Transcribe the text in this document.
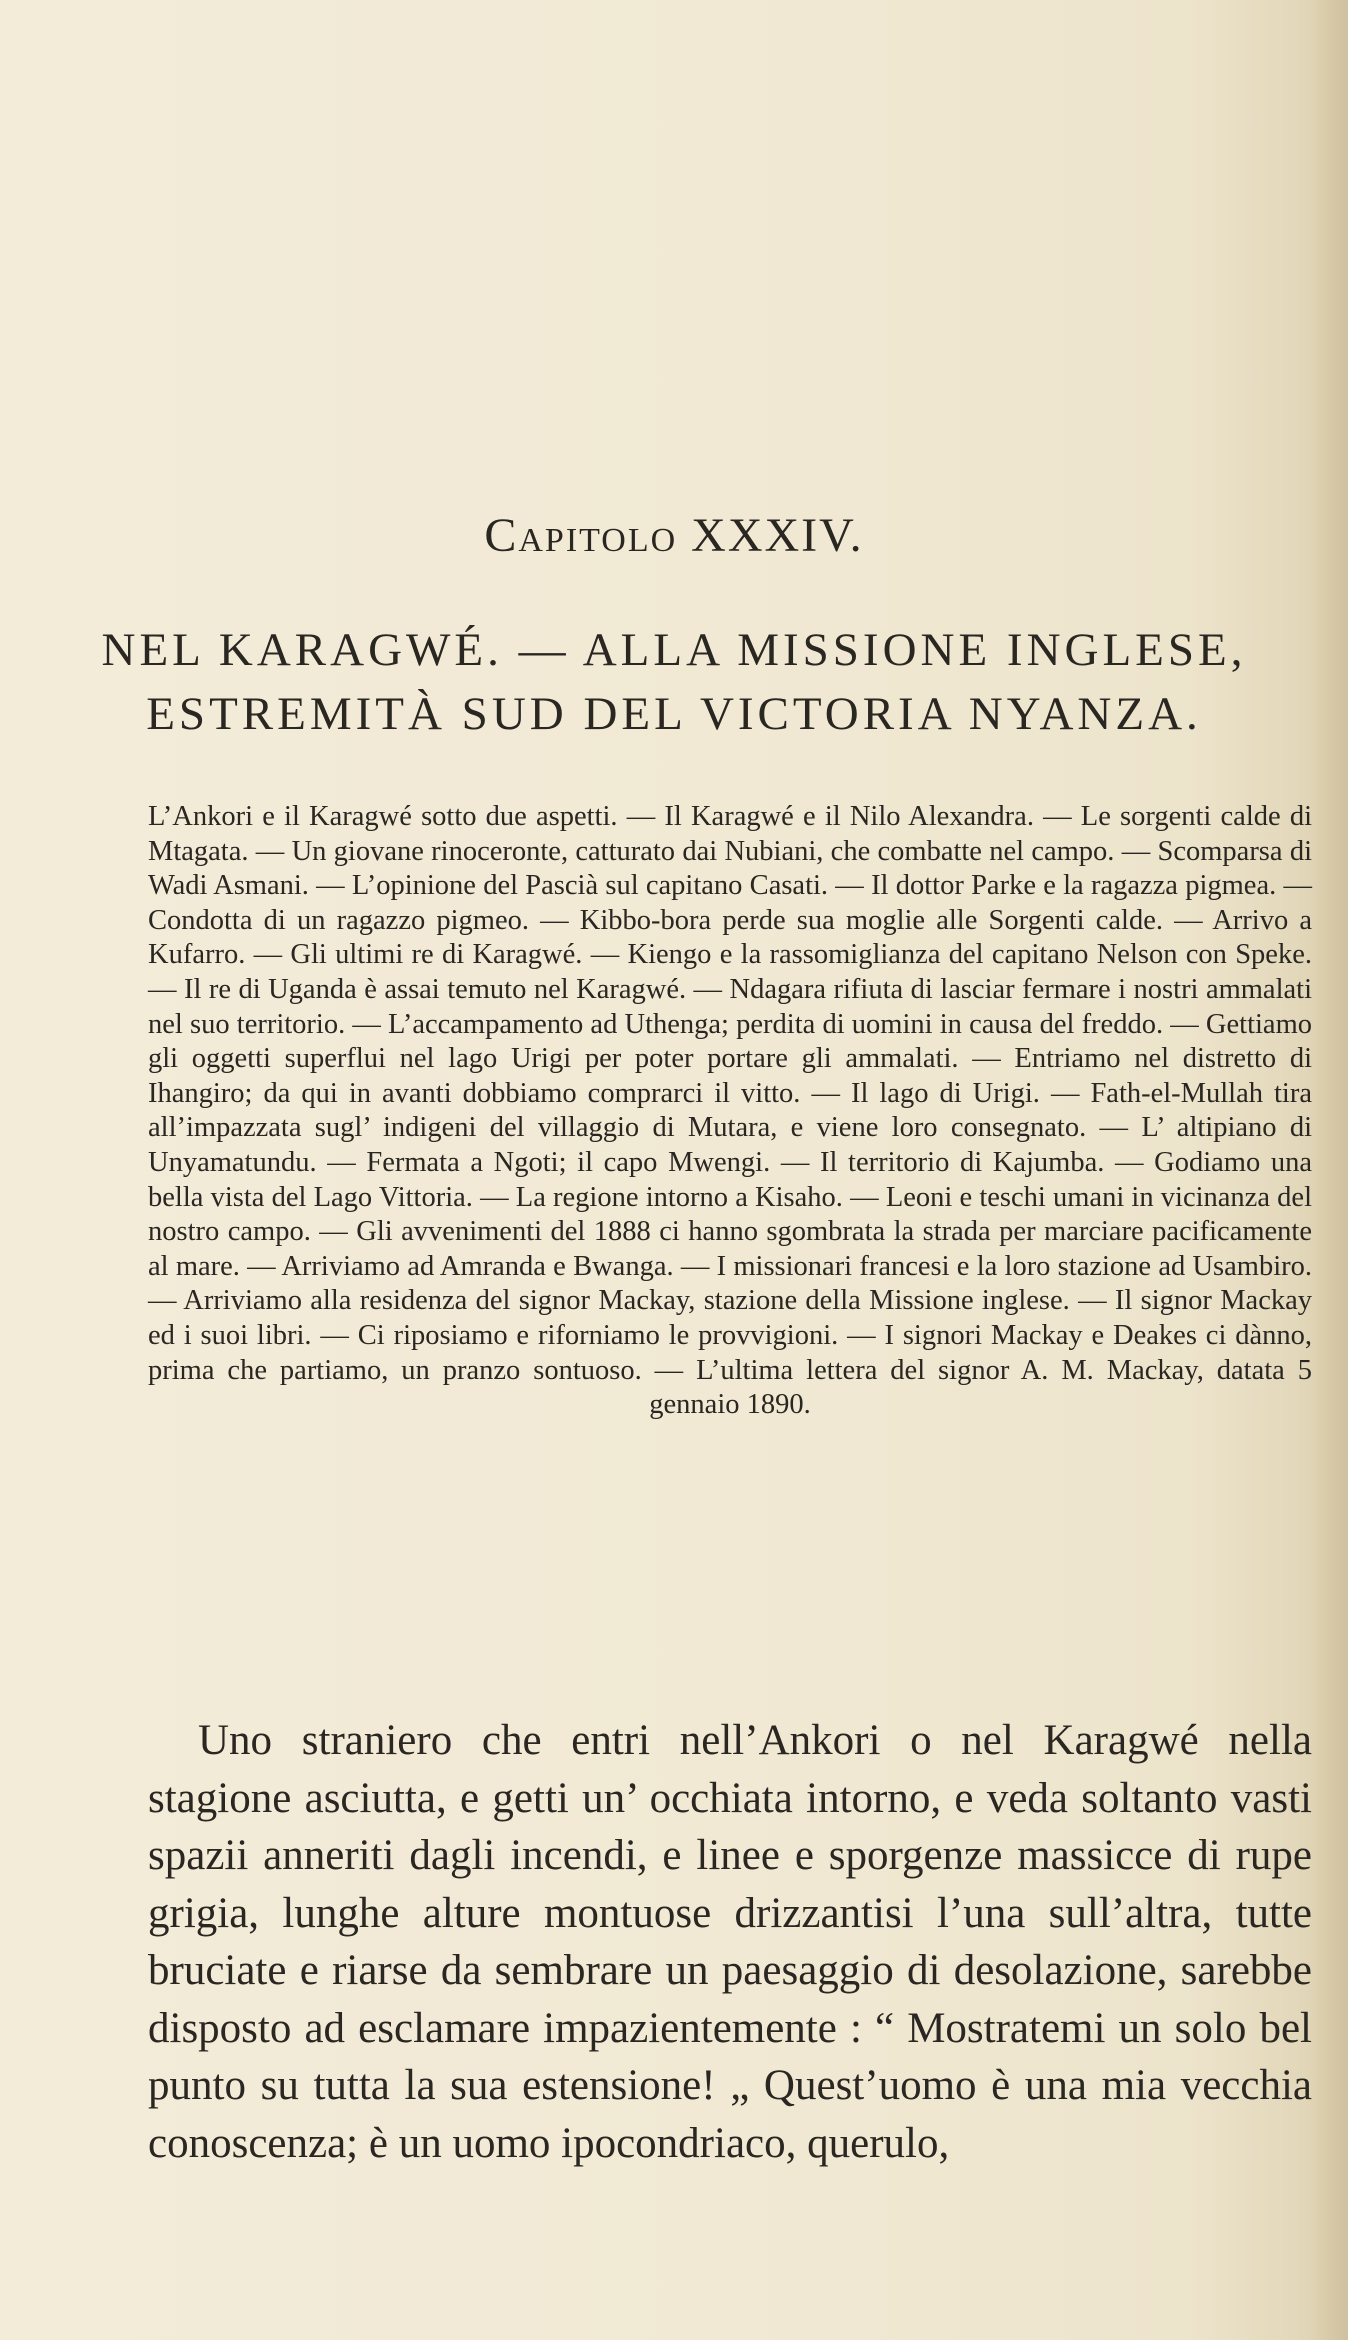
Capitolo XXXIV.
NEL KARAGWÉ. — ALLA MISSIONE INGLESE,
ESTREMITÀ SUD DEL VICTORIA NYANZA.

L’Ankori e il Karagwé sotto due aspetti. — Il Karagwé e il Nilo Alexandra. — Le sorgenti calde di Mtagata. — Un giovane rinoceronte, catturato dai Nubiani, che combatte nel campo. — Scomparsa di Wadi Asmani. — L’opinione del Pascià sul capitano Casati. — Il dottor Parke e la ragazza pigmea. — Condotta di un ragazzo pigmeo. — Kibbo-bora perde sua moglie alle Sorgenti calde. — Arrivo a Kufarro. — Gli ultimi re di Karagwé. — Kiengo e la rassomiglianza del capitano Nelson con Speke. — Il re di Uganda è assai temuto nel Karagwé. — Ndagara rifiuta di lasciar fermare i nostri ammalati nel suo territorio. — L’accampamento ad Uthenga; perdita di uomini in causa del freddo. — Gettiamo gli oggetti superflui nel lago Urigi per poter portare gli ammalati. — Entriamo nel distretto di Ihangiro; da qui in avanti dobbiamo comprarci il vitto. — Il lago di Urigi. — Fath-el-Mullah tira all’impazzata sugl’ indigeni del villaggio di Mutara, e viene loro consegnato. — L’ altipiano di Unyamatundu. — Fermata a Ngoti; il capo Mwengi. — Il territorio di Kajumba. — Godiamo una bella vista del Lago Vittoria. — La regione intorno a Kisaho. — Leoni e teschi umani in vicinanza del nostro campo. — Gli avvenimenti del 1888 ci hanno sgombrata la strada per marciare pacificamente al mare. — Arriviamo ad Amranda e Bwanga. — I missionari francesi e la loro stazione ad Usambiro. — Arriviamo alla residenza del signor Mackay, stazione della Missione inglese. — Il signor Mackay ed i suoi libri. — Ci riposiamo e riforniamo le provvigioni. — I signori Mackay e Deakes ci dànno, prima che partiamo, un pranzo sontuoso. — L’ultima lettera del signor A. M. Mackay, datata 5 gennaio 1890.

Uno straniero che entri nell’Ankori o nel Karagwé nella stagione asciutta, e getti un’ occhiata intorno, e veda soltanto vasti spazii anneriti dagli incendi, e linee e sporgenze massicce di rupe grigia, lunghe alture montuose drizzantisi l’una sull’altra, tutte bruciate e riarse da sembrare un paesaggio di desolazione, sarebbe disposto ad esclamare impazientemente : “ Mostratemi un solo bel punto su tutta la sua estensione! „ Quest’uomo è una mia vecchia conoscenza; è un uomo ipocondriaco, querulo,
